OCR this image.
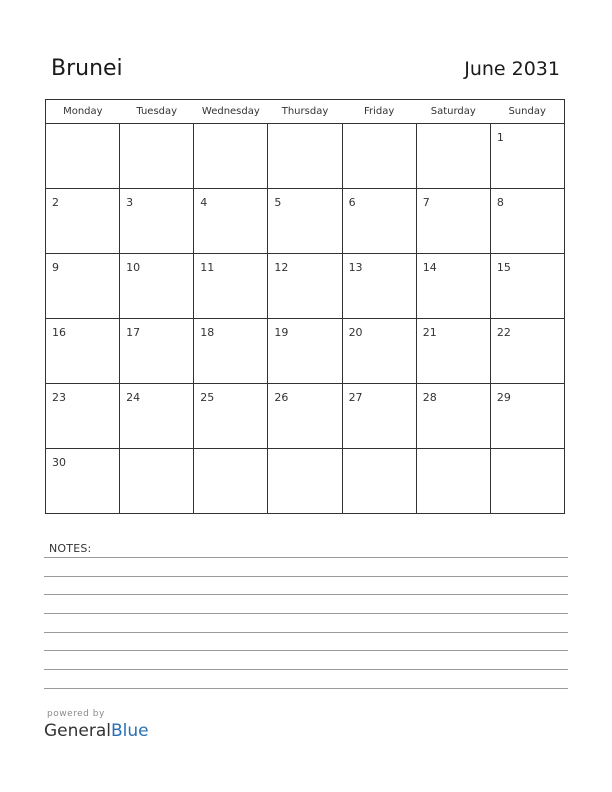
Brunei	June 2031
Monday	Tuesday	Wednesday	Thursday	Friday	Saturday	Sunday

						1

2	3	4	5	6	7	8

9	10	11	12	13	14	15

16	17	18	19	20	21	22

23	24	25	26	27	28	29

30						

NOTES:
powered by
GeneralBlue
